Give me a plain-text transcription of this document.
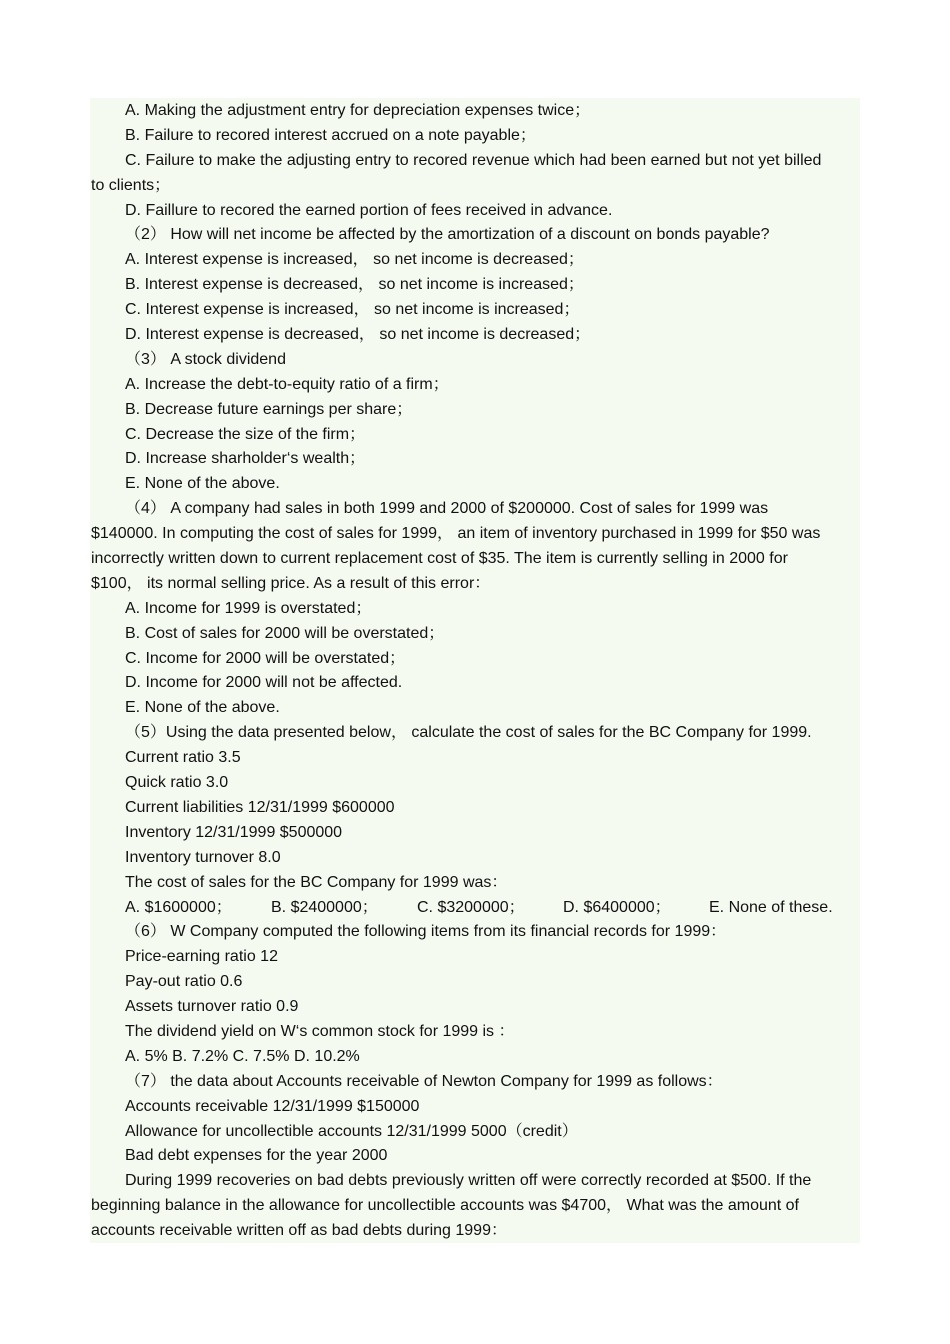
A. Making the adjustment entry for depreciation expenses twice；
B. Failure to recored interest accrued on a note payable；
C. Failure to make the adjusting entry to recored revenue which had been earned but not yet billed
to clients；
D. Faillure to recored the earned portion of fees received in advance.
（2） How will net income be affected by the amortization of a discount on bonds payable?
A. Interest expense is increased， so net income is decreased；
B. Interest expense is decreased， so net income is increased；
C. Interest expense is increased， so net income is increased；
D. Interest expense is decreased， so net income is decreased；
（3） A stock dividend
A. Increase the debt-to-equity ratio of a firm；
B. Decrease future earnings per share；
C. Decrease the size of the firm；
D. Increase sharholder‘s wealth；
E. None of the above.
（4） A company had sales in both 1999 and 2000 of $200000. Cost of sales for 1999 was
$140000. In computing the cost of sales for 1999， an item of inventory purchased in 1999 for $50 was
incorrectly written down to current replacement cost of $35. The item is currently selling in 2000 for
$100， its normal selling price. As a result of this error：
A. Income for 1999 is overstated；
B. Cost of sales for 2000 will be overstated；
C. Income for 2000 will be overstated；
D. Income for 2000 will not be affected.
E. None of the above.
（5）Using the data presented below， calculate the cost of sales for the BC Company for 1999.
Current ratio 3.5
Quick ratio 3.0
Current liabilities 12/31/1999 $600000
Inventory 12/31/1999 $500000
Inventory turnover 8.0
The cost of sales for the BC Company for 1999 was：
A. $1600000；	B. $2400000；	C. $3200000；	D. $6400000；	E. None of these.
（6） W Company computed the following items from its financial records for 1999：
Price-earning ratio 12
Pay-out ratio 0.6
Assets turnover ratio 0.9
The dividend yield on W‘s common stock for 1999 is ：
A. 5% B. 7.2% C. 7.5% D. 10.2%
（7） the data about Accounts receivable of Newton Company for 1999 as follows：
Accounts receivable 12/31/1999 $150000
Allowance for uncollectible accounts 12/31/1999 5000（credit）
Bad debt expenses for the year 2000
During 1999 recoveries on bad debts previously written off were correctly recorded at $500. If the
beginning balance in the allowance for uncollectible accounts was $4700， What was the amount of
accounts receivable written off as bad debts during 1999：
